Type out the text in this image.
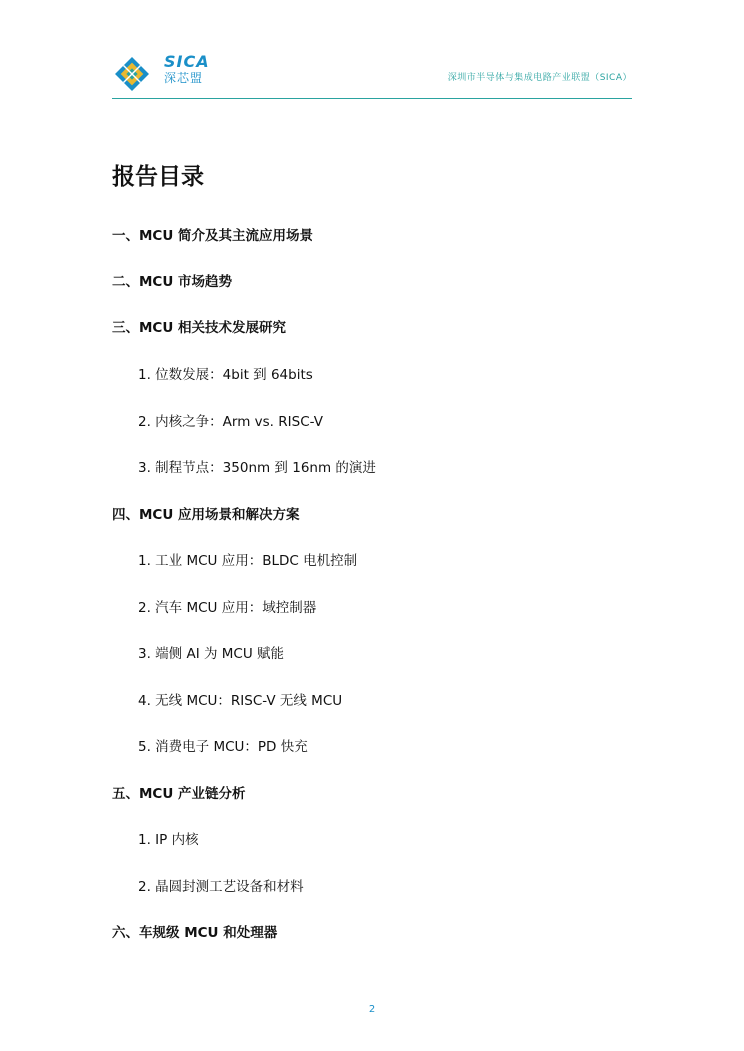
SICA
深芯盟	深圳市半导体与集成电路产业联盟（SICA）
报告目录
一、MCU 简介及其主流应用场景
二、MCU 市场趋势
三、MCU 相关技术发展研究
1. 位数发展：4bit 到 64bits
2. 内核之争：Arm vs. RISC-V
3. 制程节点：350nm 到 16nm 的演进
四、MCU 应用场景和解决方案
1. 工业 MCU 应用：BLDC 电机控制
2. 汽车 MCU 应用：域控制器
3. 端侧 AI 为 MCU 赋能
4. 无线 MCU：RISC-V 无线 MCU
5. 消费电子 MCU：PD 快充
五、MCU 产业链分析
1. IP 内核
2. 晶圆封测工艺设备和材料
六、车规级 MCU 和处理器
2
